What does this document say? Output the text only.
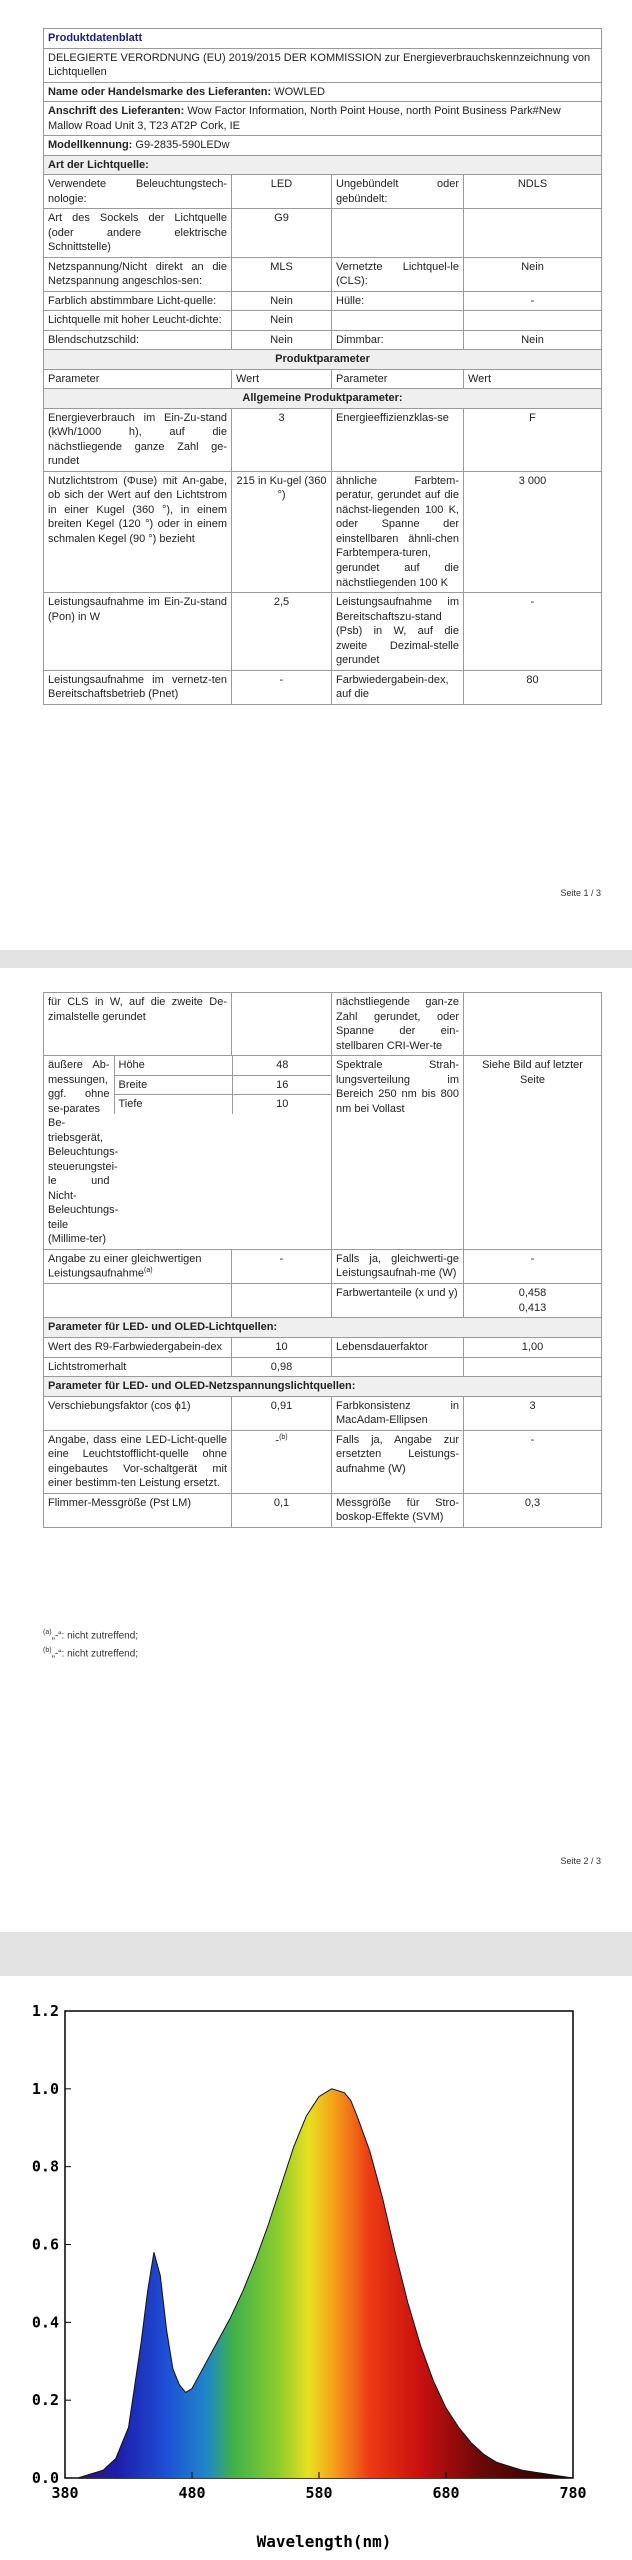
Produktdatenblatt			
DELEGIERTE VERORDNUNG (EU) 2019/2015 DER KOMMISSION zur Energieverbrauchskennzeichnung von Lichtquellen			
Name oder Handelsmarke des Lieferanten: WOWLED			
Anschrift des Lieferanten: Wow Factor Information, North Point House, north Point Business Park#New Mallow Road Unit 3, T23 AT2P Cork, IE			
Modellkennung: G9-2835-590LEDw			
Art der Lichtquelle:			
Verwendete Beleuchtungstech-nologie:	LED	Ungebündelt oder gebündelt:	NDLS
Art des Sockels der Lichtquelle (oder andere elektrische Schnittstelle)	G9		
Netzspannung/Nicht direkt an die Netzspannung angeschlos-sen:	MLS	Vernetzte Lichtquel-le (CLS):	Nein
Farblich abstimmbare Licht-quelle:	Nein	Hülle:	-
Lichtquelle mit hoher Leucht-dichte:	Nein		
Blendschutzschild:	Nein	Dimmbar:	Nein
Produktparameter			
Parameter	Wert	Parameter	Wert
Allgemeine Produktparameter:			
Energieverbrauch im Ein-Zu-stand (kWh/1000 h), auf die nächstliegende ganze Zahl ge-rundet	3	Energieeffizienzklas-se	F
Nutzlichtstrom (Φuse) mit An-gabe, ob sich der Wert auf den Lichtstrom in einer Kugel (360 °), in einem breiten Kegel (120 °) oder in einem schmalen Kegel (90 °) bezieht	215 in Ku-gel (360 °)	ähnliche Farbtem-peratur, gerundet auf die nächst-liegenden 100 K, oder Spanne der einstellbaren ähnli-chen Farbtempera-turen, gerundet auf die nächstliegenden 100 K	3 000
Leistungsaufnahme im Ein-Zu-stand (Pon) in W	2,5	Leistungsaufnahme im Bereitschaftszu-stand (Psb) in W, auf die zweite Dezimal-stelle gerundet	-
Leistungsaufnahme im vernetz-ten Bereitschaftsbetrieb (Pnet)	-	Farbwiedergabein-dex, auf die	80
Seite 1 / 3
für CLS in W, auf die zweite De-zimalstelle gerundet		nächstliegende gan-ze Zahl gerundet, oder Spanne der ein-stellbaren CRI-Wer-te	
äußere Ab-messungen, ggf. ohne se-parates Be-triebsgerät, Beleuchtungs-steuerungstei-le und Nicht-Beleuchtungs-teile (Millime-ter)	
Höhe	48
Breite	16
Tiefe	10
	Spektrale Strah-lungsverteilung im Bereich 250 nm bis 800 nm bei Vollast	Siehe Bild auf letzter Seite
Angabe zu einer gleichwertigen Leistungsaufnahme$^{(a)}$	-	Falls ja, gleichwerti-ge Leistungsaufnah-me (W)	-
		Farbwertanteile (x und y)	0,458
0,413

Parameter für LED- und OLED-Lichtquellen:
Wert des R9-Farbwiedergabein-dex	10	Lebensdauerfaktor	1,00
Lichtstromerhalt	0,98		
Parameter für LED- und OLED-Netzspannungslichtquellen:
Verschiebungsfaktor (cos ϕ1)	0,91	Farbkonsistenz in MacAdam-Ellipsen	3
Angabe, dass eine LED-Licht-quelle eine Leuchtstofflicht-quelle ohne eingebautes Vor-schaltgerät mit einer bestimm-ten Leistung ersetzt.	-$^{(b)}$	Falls ja, Angabe zur ersetzten Leistungs-aufnahme (W)	-
Flimmer-Messgröße (Pst LM)	0,1	Messgröße für Stro-boskop-Effekte (SVM)	0,3
$^{(a)}$„-“: nicht zutreffend;
$^{(b)}$„-“: nicht zutreffend;
Seite 2 / 3
0.0
0.2
0.4
0.6
0.8
1.0
1.2
380	480	580	680	780
Wavelength(nm)
